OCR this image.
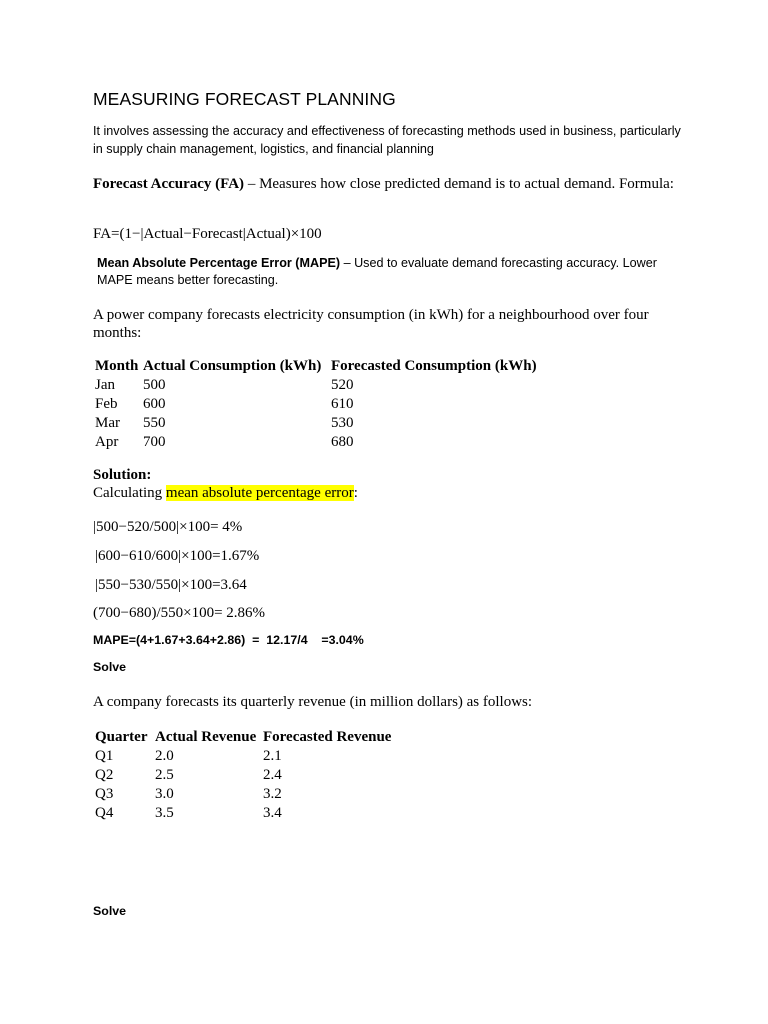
MEASURING FORECAST PLANNING
It involves assessing the accuracy and effectiveness of forecasting methods used in business, particularly in supply chain management, logistics, and financial planning
Forecast Accuracy (FA) – Measures how close predicted demand is to actual demand. Formula:
FA=(1−|Actual−Forecast|Actual)×100
Mean Absolute Percentage Error (MAPE) – Used to evaluate demand forecasting accuracy. Lower MAPE means better forecasting.
A power company forecasts electricity consumption (in kWh) for a neighbourhood over four months:
Month	Actual Consumption (kWh)	Forecasted Consumption (kWh)
Jan	500	520
Feb	600	610
Mar	550	530
Apr	700	680
Solution:
Calculating mean absolute percentage error:
|500−520/500|×100= 4%
|600−610/600|×100=1.67%
|550−530/550|×100=3.64
(700−680)/550×100= 2.86%
MAPE=(4+1.67+3.64+2.86)  =  12.17/4    =3.04%
Solve
A company forecasts its quarterly revenue (in million dollars) as follows:
Quarter	Actual Revenue	Forecasted Revenue
Q1	2.0	2.1
Q2	2.5	2.4
Q3	3.0	3.2
Q4	3.5	3.4
Solve
